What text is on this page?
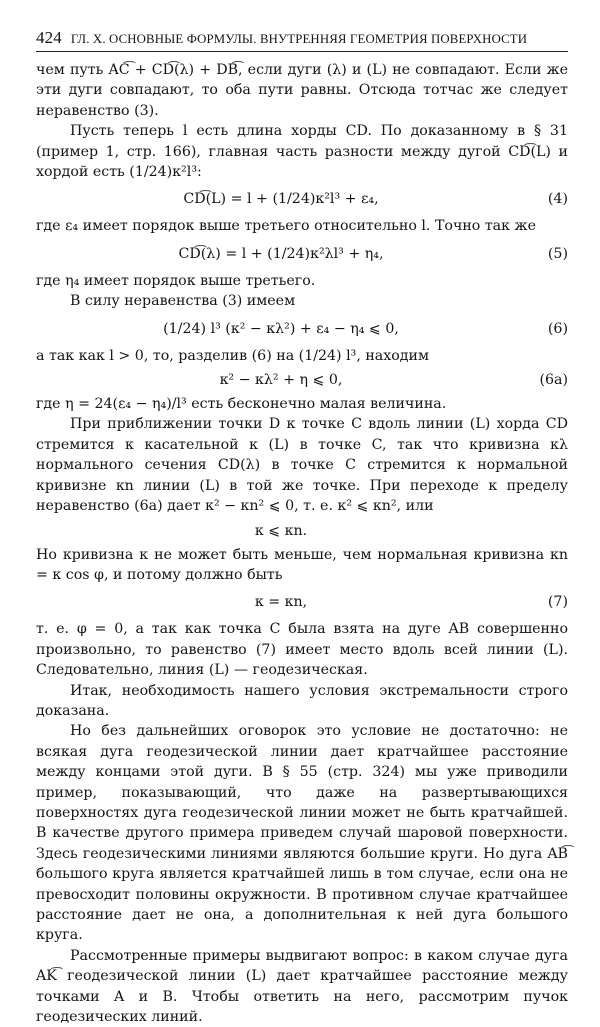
424 ГЛ. X. ОСНОВНЫЕ ФОРМУЛЫ. ВНУТРЕННЯЯ ГЕОМЕТРИЯ ПОВЕРХНОСТИ

чем путь AC͡ + CD͡(λ) + DB͡, если дуги (λ) и (L) не совпадают. Если же эти дуги совпадают, то оба пути равны. Отсюда тотчас же следует неравенство (3).

Пусть теперь l есть длина хорды CD. По доказанному в § 31 (пример 1, стр. 166), главная часть разности между дугой CD͡(L) и хордой есть (1/24)κ²l³:

CD͡(L) = l + (1/24)κ²l³ + ε₄,	(4)

где ε₄ имеет порядок выше третьего относительно l. Точно так же

CD͡(λ) = l + (1/24)κ²λl³ + η₄,	(5)

где η₄ имеет порядок выше третьего.

В силу неравенства (3) имеем

(1/24) l³ (κ² − κλ²) + ε₄ − η₄ ⩽ 0,	(6)

а так как l > 0, то, разделив (6) на (1/24) l³, находим

κ² − κλ² + η ⩽ 0,	(6а)

где η = 24(ε₄ − η₄)/l³ есть бесконечно малая величина.

При приближении точки D к точке C вдоль линии (L) хорда CD стремится к касательной к (L) в точке C, так что кривизна κλ нормального сечения CD(λ) в точке C стремится к нормальной кривизне κn линии (L) в той же точке. При переходе к пределу неравенство (6а) дает κ² − κn² ⩽ 0, т. е. κ² ⩽ κn², или

κ ⩽ κn.

Но кривизна κ не может быть меньше, чем нормальная кривизна κn = κ cos φ, и потому должно быть

κ = κn,	(7)

т. е. φ = 0, а так как точка C была взята на дуге AB совершенно произвольно, то равенство (7) имеет место вдоль всей линии (L). Следовательно, линия (L) — геодезическая.

Итак, необходимость нашего условия экстремальности строго доказана.

Но без дальнейших оговорок это условие не достаточно: не всякая дуга геодезической линии дает кратчайшее расстояние между концами этой дуги. В § 55 (стр. 324) мы уже приводили пример, показывающий, что даже на развертывающихся поверхностях дуга геодезической линии может не быть кратчайшей. В качестве другого примера приведем случай шаровой поверхности. Здесь геодезическими линиями являются большие круги. Но дуга AB͡ большого круга является кратчайшей лишь в том случае, если она не превосходит половины окружности. В противном случае кратчайшее расстояние дает не она, а дополнительная к ней дуга большого круга.

Рассмотренные примеры выдвигают вопрос: в каком случае дуга AK͡ геодезической линии (L) дает кратчайшее расстояние между точками A и B. Чтобы ответить на него, рассмотрим пучок геодезических линий.
